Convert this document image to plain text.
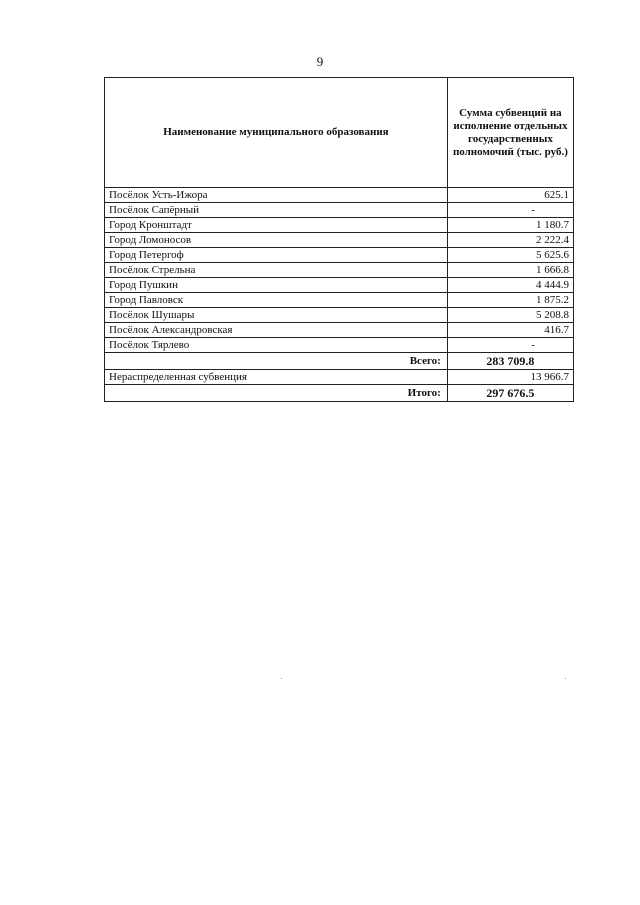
9
Наименование муниципального образования	Сумма субвенций на исполнение отдельных государственных полномочий (тыс. руб.)
Посёлок Усть-Ижора	625.1
Посёлок Сапёрный	-
Город Кронштадт	1 180.7
Город Ломоносов	2 222.4
Город Петергоф	5 625.6
Посёлок Стрельна	1 666.8
Город Пушкин	4 444.9
Город Павловск	1 875.2
Посёлок Шушары	5 208.8
Посёлок Александровская	416.7
Посёлок Тярлево	-
Всего:	283 709.8
Нераспределенная субвенция	13 966.7
Итого:	297 676.5
